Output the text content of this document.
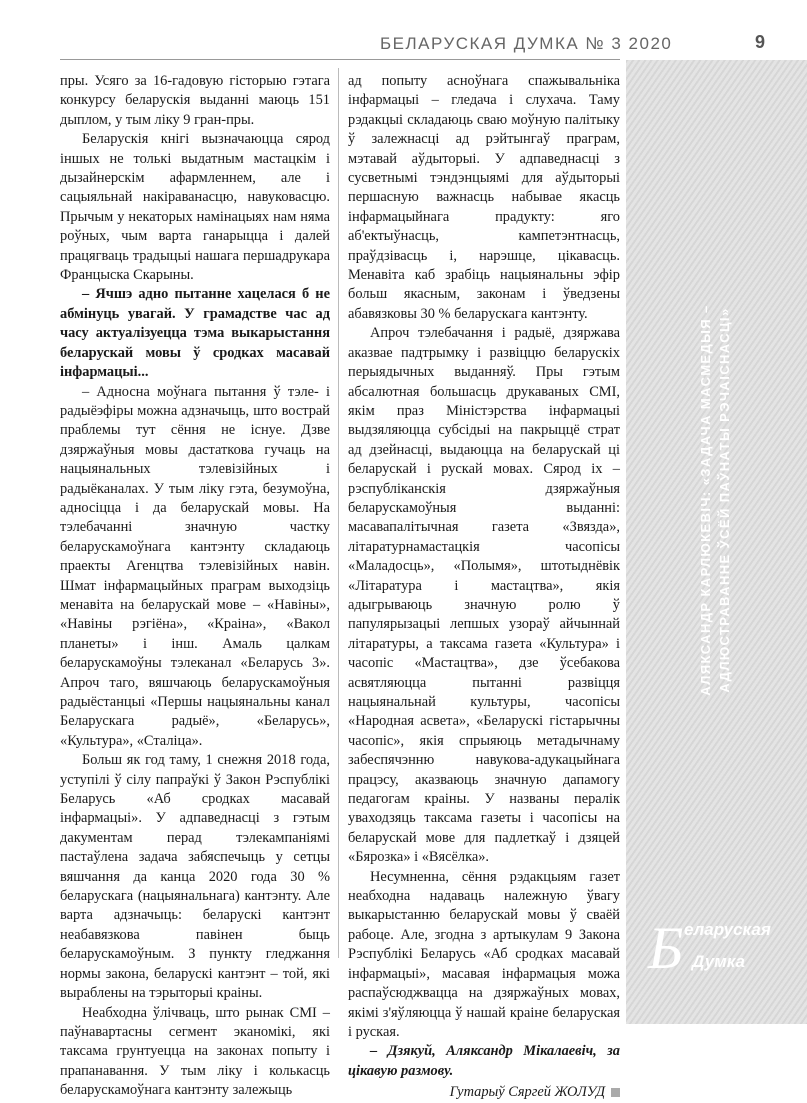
БЕЛАРУСКАЯ ДУМКА № 3 2020	9

пры. Усяго за 16-гадовую гісторыю гэтага конкурсу беларускія выданні маюць 151 дыплом, у тым ліку 9 гран-пры.

Беларускія кнігі вызначаюцца сярод іншых не толькі выдатным мастацкім і дызайнерскім афармленнем, але і сацыяльнай накіраванасцю, навуковасцю. Прычым у некаторых намінацыях нам няма роўных, чым варта ганарыцца і далей працягваць традыцыі нашага першадрукара Францыска Скарыны.

– Ячшэ адно пытанне хацелася б не абмінуць увагай. У грамадстве час ад часу актуалізуецца тэма выкарыстання беларускай мовы ў сродках масавай інфармацыі...

– Адносна моўнага пытання ў тэле- і радыёэфіры можна адзначыць, што вострай праблемы тут сёння не існуе. Дзве дзяржаўныя мовы дастаткова гучаць на нацыянальных тэлевізійных і радыёканалах. У тым ліку гэта, безумоўна, адносіцца і да беларускай мовы. На тэлебачанні значную частку беларускамоўнага кантэнту складаюць праекты Агенцтва тэлевізійных навін. Шмат інфармацыйных праграм выходзіць менавіта на беларускай мове – «Навіны», «Навіны рэгіёна», «Краіна», «Вакол планеты» і інш. Амаль цалкам беларускамоўны тэлеканал «Беларусь 3». Апроч таго, вяшчаюць беларускамоўныя радыёстанцыі «Першы нацыянальны канал Беларускага радыё», «Беларусь», «Культура», «Сталіца».

Больш як год таму, 1 снежня 2018 года, уступілі ў сілу папраўкі ў Закон Рэспублікі Беларусь «Аб сродках масавай інфармацыі». У адпаведнасці з гэтым дакументам перад тэлекампаніямі пастаўлена задача забяспечыць у сетцы вяшчання да канца 2020 года 30 % беларускага (нацыянальнага) кантэнту. Але варта адзначыць: беларускі кантэнт неабавязкова павінен быць беларускамоўным. З пункту гледжання нормы закона, беларускі кантэнт – той, які выраблены на тэрыторыі краіны.

Неабходна ўлічваць, што рынак СМІ – паўнавартасны сегмент эканомікі, які таксама грунтуецца на законах попыту і прапанавання. У тым ліку і колькасць беларускамоўнага кантэнту залежыць

ад попыту асноўнага спажывальніка інфармацыі – гледача і слухача. Таму рэдакцыі складаюць сваю моўную палітыку ў залежнасці ад рэйтынгаў праграм, мэтавай аўдыторыі. У адпаведнасці з сусветнымі тэндэнцыямі для аўдыторыі першасную важнасць набывае якасць інфармацыйнага прадукту: яго аб'ектыўнасць, кампетэнтнасць, праўдзівасць і, нарэшце, цікавасць. Менавіта каб зрабіць нацыянальны эфір больш якасным, законам і ўведзены абавязковы 30 % беларускага кантэнту.

Апроч тэлебачання і радыё, дзяржава аказвае падтрымку і развіццю беларускіх перыядычных выданняў. Пры гэтым абсалютная большасць друкаваных СМІ, якім праз Міністэрства інфармацыі выдзяляюцца субсідыі на пакрыццё страт ад дзейнасці, выдаюцца на беларускай ці беларускай і рускай мовах. Сярод іх – рэспубліканскія дзяржаўныя беларускамоўныя выданні: масавапалітычная газета «Звязда», літаратурнамастацкія часопісы «Маладосць», «Полымя», штотыднёвік «Літаратура і мастацтва», якія адыгрываюць значную ролю ў папулярызацыі лепшых узораў айчыннай літаратуры, а таксама газета «Культура» і часопіс «Мастацтва», дзе ўсебакова асвятляюцца пытанні развіцця нацыянальнай культуры, часопісы «Народная асвета», «Беларускі гістарычны часопіс», якія спрыяюць метадычнаму забеспячэнню навукова-адукацыйнага працэсу, аказваюць значную дапамогу педагогам краіны. У названы пералік уваходзяць таксама газеты і часопісы на беларускай мове для падлеткаў і дзяцей «Бярозка» і «Вясёлка».

Несумненна, сёння рэдакцыям газет неабходна надаваць належную ўвагу выкарыстанню беларускай мовы ў сваёй рабоце. Але, згодна з артыкулам 9 Закона Рэспублікі Беларусь «Аб сродках масавай інфармацыі», масавая інфармацыя можа распаўсюджвацца на дзяржаўных мовах, якімі з'яўляюцца ў нашай краіне беларуская і руская.

– Дзякуй, Аляксандр Мікалаевіч, за цікавую размову.

Гутарыў Сяргей ЖОЛУД

АЛЯКСАНДР КАРЛЮКЕВІЧ: «ЗАДАЧА МАСМЕДЫЯ – АДЛЮСТРАВАННЕ ЎСЁЙ ПАЎНАТЫ РЭЧАІСНАСЦІ»
Б еларуская
Думка
